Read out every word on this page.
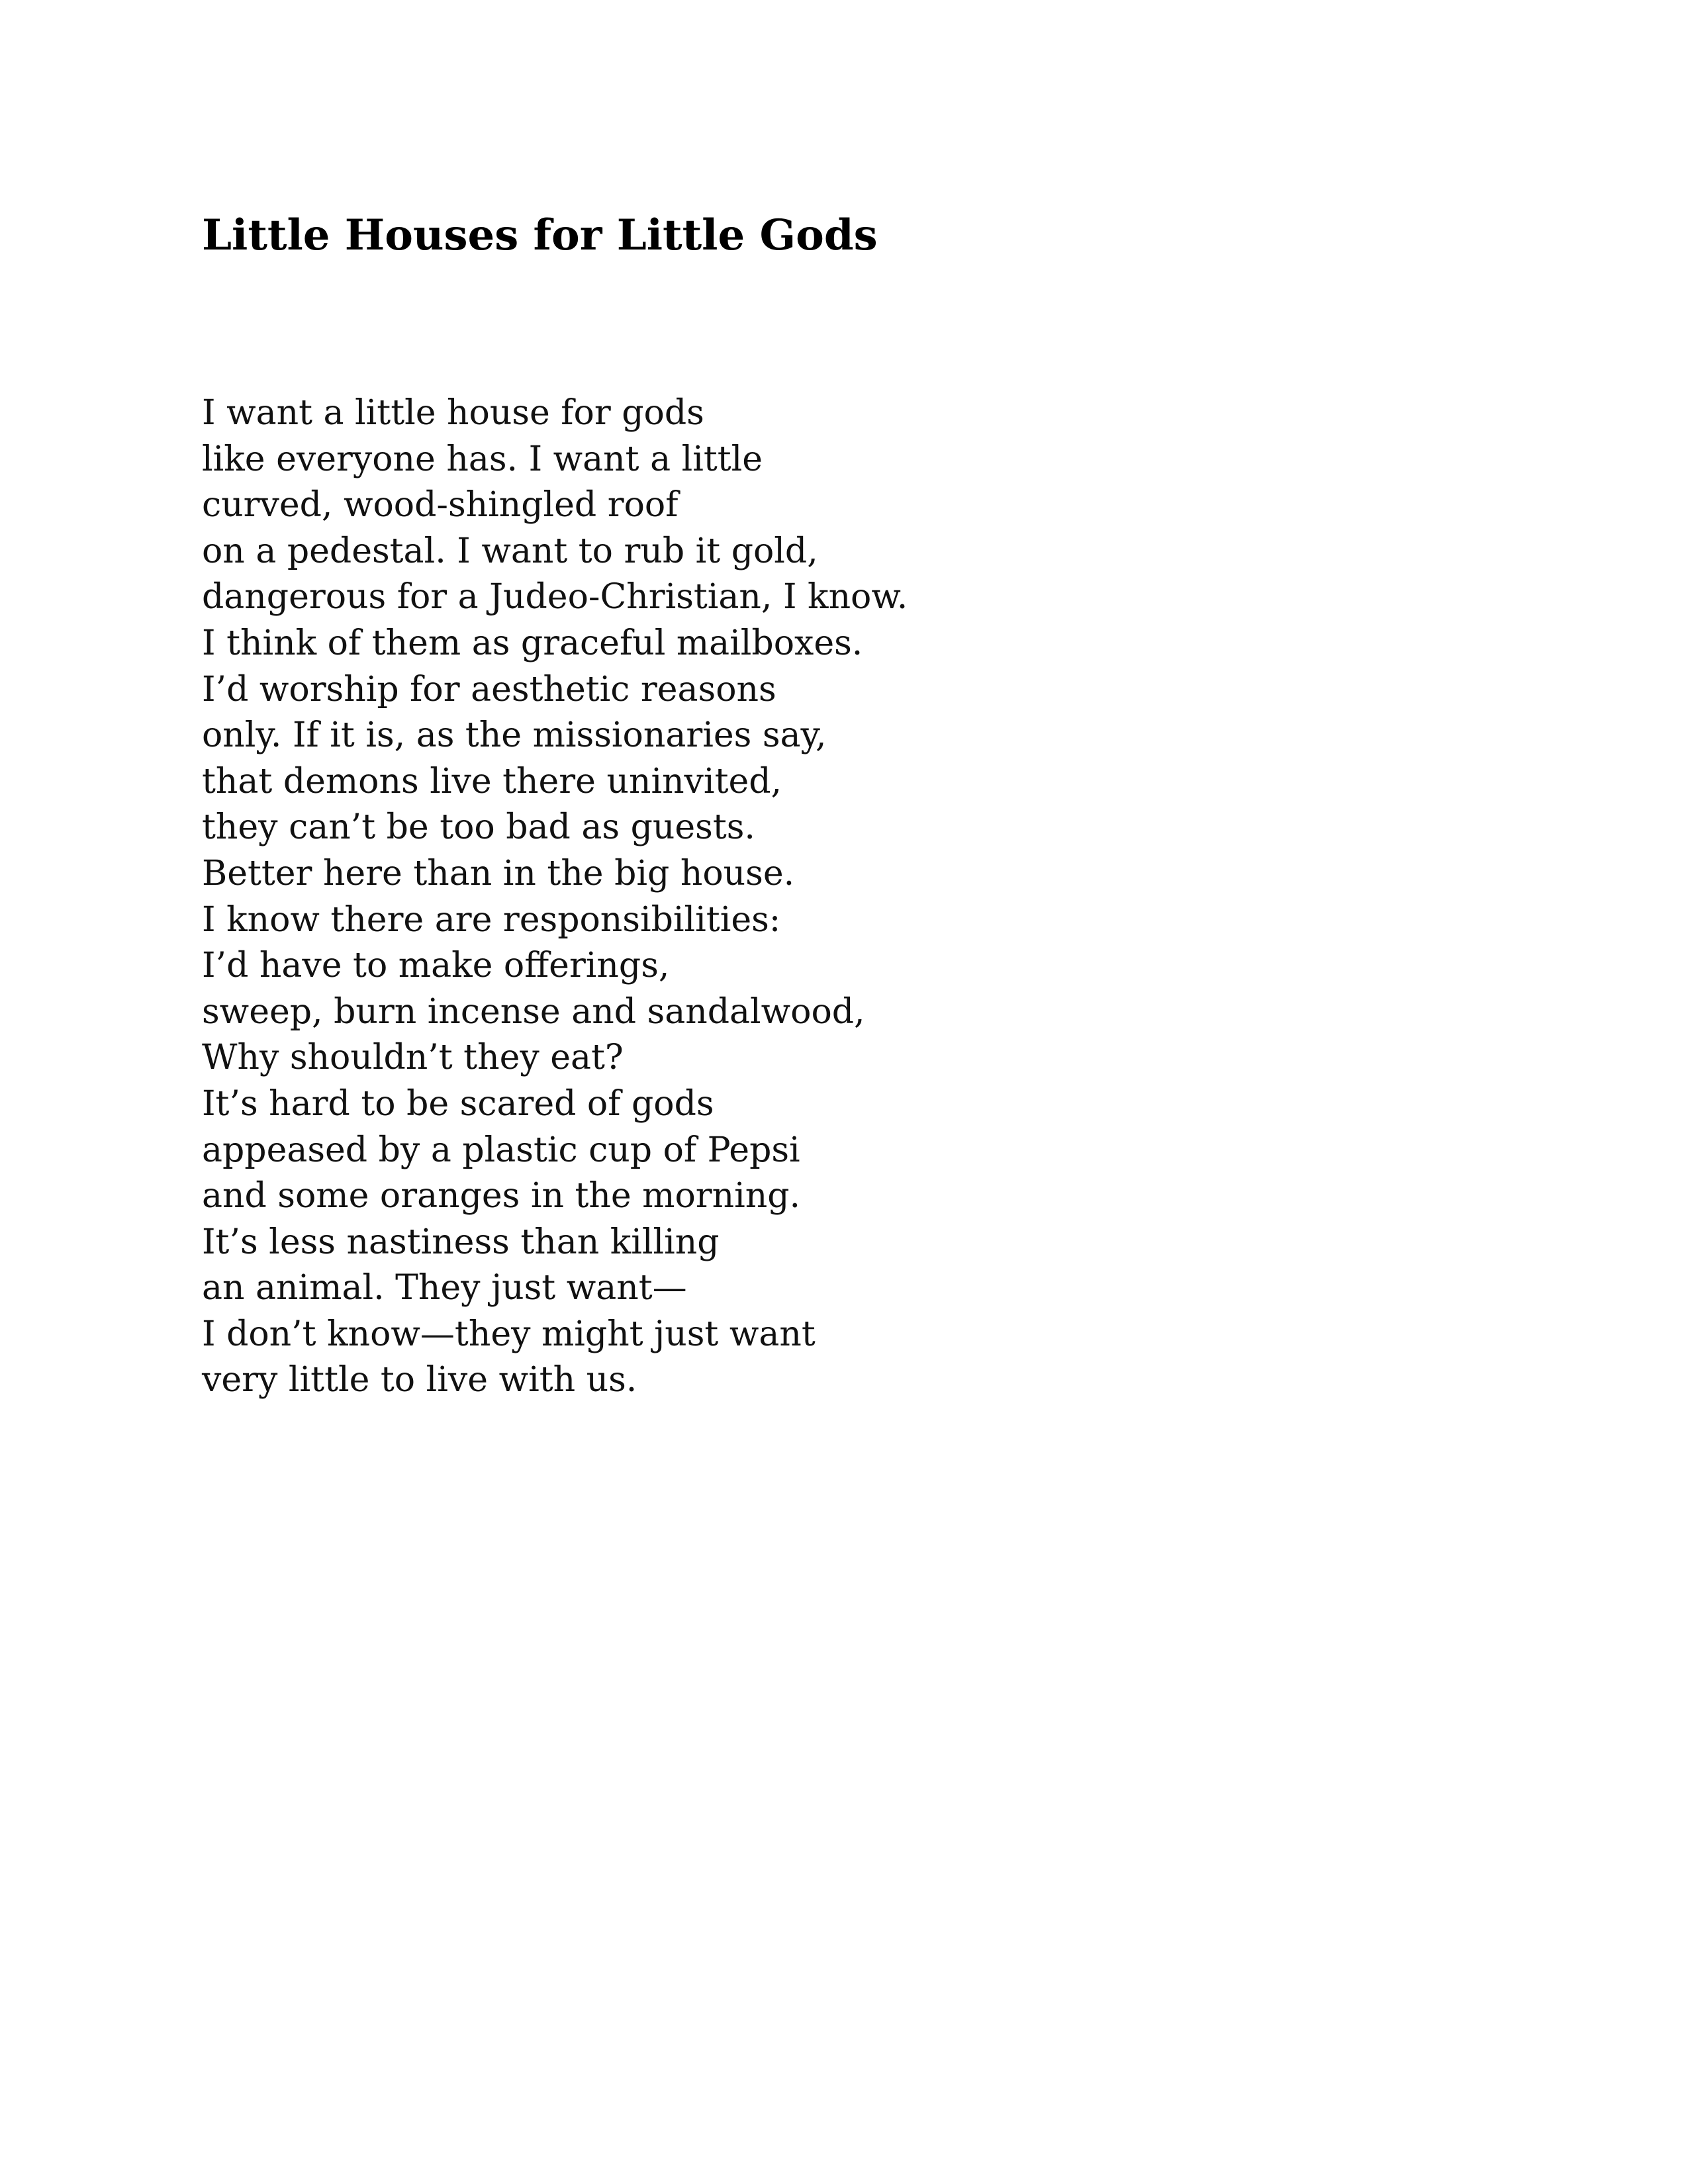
Little Houses for Little Gods
I want a little house for gods
like everyone has. I want a little
curved, wood-shingled roof
on a pedestal. I want to rub it gold,
dangerous for a Judeo-Christian, I know.
I think of them as graceful mailboxes.
I’d worship for aesthetic reasons
only. If it is, as the missionaries say,
that demons live there uninvited,
they can’t be too bad as guests.
Better here than in the big house.
I know there are responsibilities:
I’d have to make offerings,
sweep, burn incense and sandalwood,
Why shouldn’t they eat?
It’s hard to be scared of gods
appeased by a plastic cup of Pepsi
and some oranges in the morning.
It’s less nastiness than killing
an animal. They just want—
I don’t know—they might just want
very little to live with us.
